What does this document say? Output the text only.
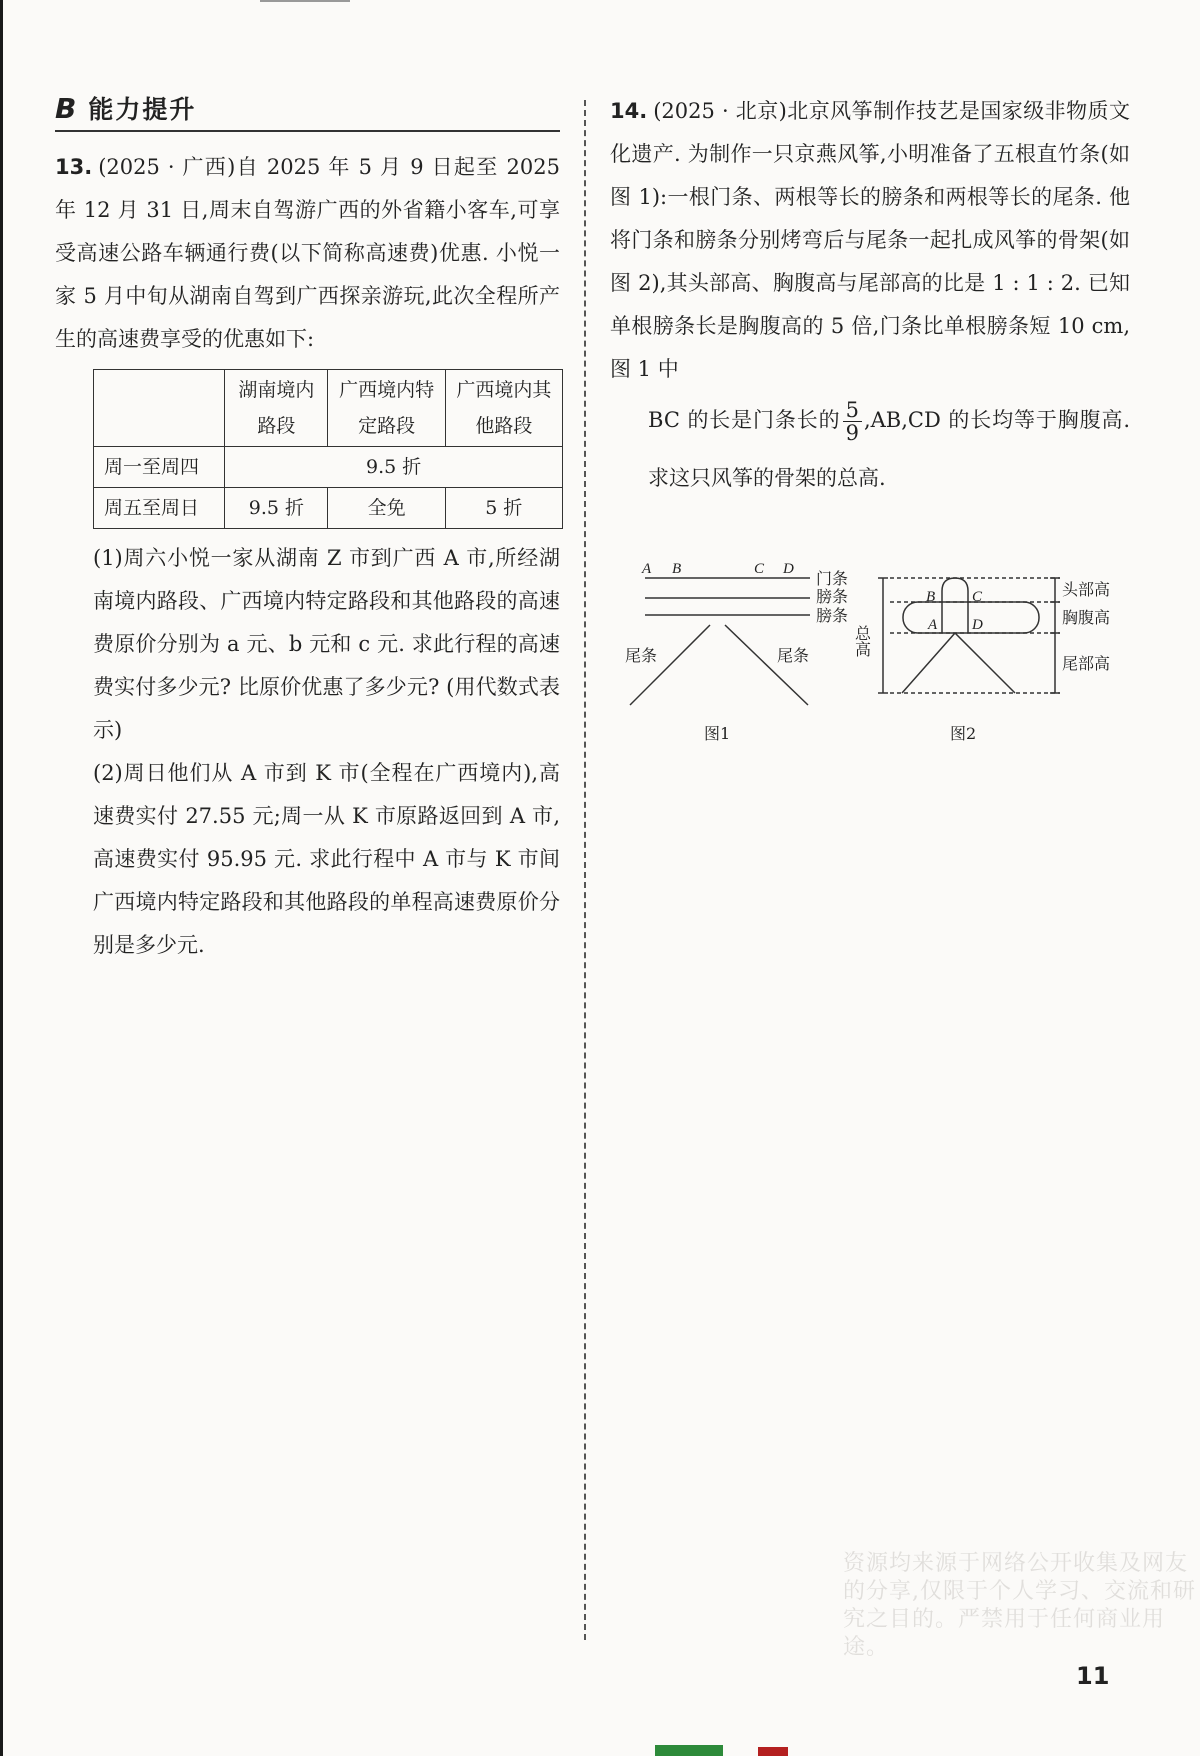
B 能力提升
13. (2025 · 广西)自 2025 年 5 月 9 日起至 2025 年 12 月 31 日,周末自驾游广西的外省籍小客车,可享受高速公路车辆通行费(以下简称高速费)优惠. 小悦一家 5 月中旬从湖南自驾到广西探亲游玩,此次全程所产生的高速费享受的优惠如下:
	湖南境内路段	广西境内特定路段	广西境内其他路段
周一至周四	9.5 折		
周五至周日	9.5 折	全免	5 折
(1)周六小悦一家从湖南 Z 市到广西 A 市,所经湖南境内路段、广西境内特定路段和其他路段的高速费原价分别为 a 元、b 元和 c 元. 求此行程的高速费实付多少元? 比原价优惠了多少元? (用代数式表示)
(2)周日他们从 A 市到 K 市(全程在广西境内),高速费实付 27.55 元;周一从 K 市原路返回到 A 市,高速费实付 95.95 元. 求此行程中 A 市与 K 市间广西境内特定路段和其他路段的单程高速费原价分别是多少元.
14. (2025 · 北京)北京风筝制作技艺是国家级非物质文化遗产. 为制作一只京燕风筝,小明准备了五根直竹条(如图 1):一根门条、两根等长的膀条和两根等长的尾条. 他将门条和膀条分别烤弯后与尾条一起扎成风筝的骨架(如图 2),其头部高、胸腹高与尾部高的比是 1 : 1 : 2. 已知单根膀条长是胸腹高的 5 倍,门条比单根膀条短 10 cm,图 1 中
BC 的长是门条长的 $\frac{5}{9} ,AB,CD$ 的长均等于胸腹高. 求这只风筝的骨架的总高.
A B	C D 门条
膀条
膀条
尾条	尾条
图1
B C
A D
总高
头部高
胸腹高
尾部高
图2
资源均来源于网络公开收集及网友的分享,仅限于个人学习、交流和研究之目的。严禁用于任何商业用途。
11
